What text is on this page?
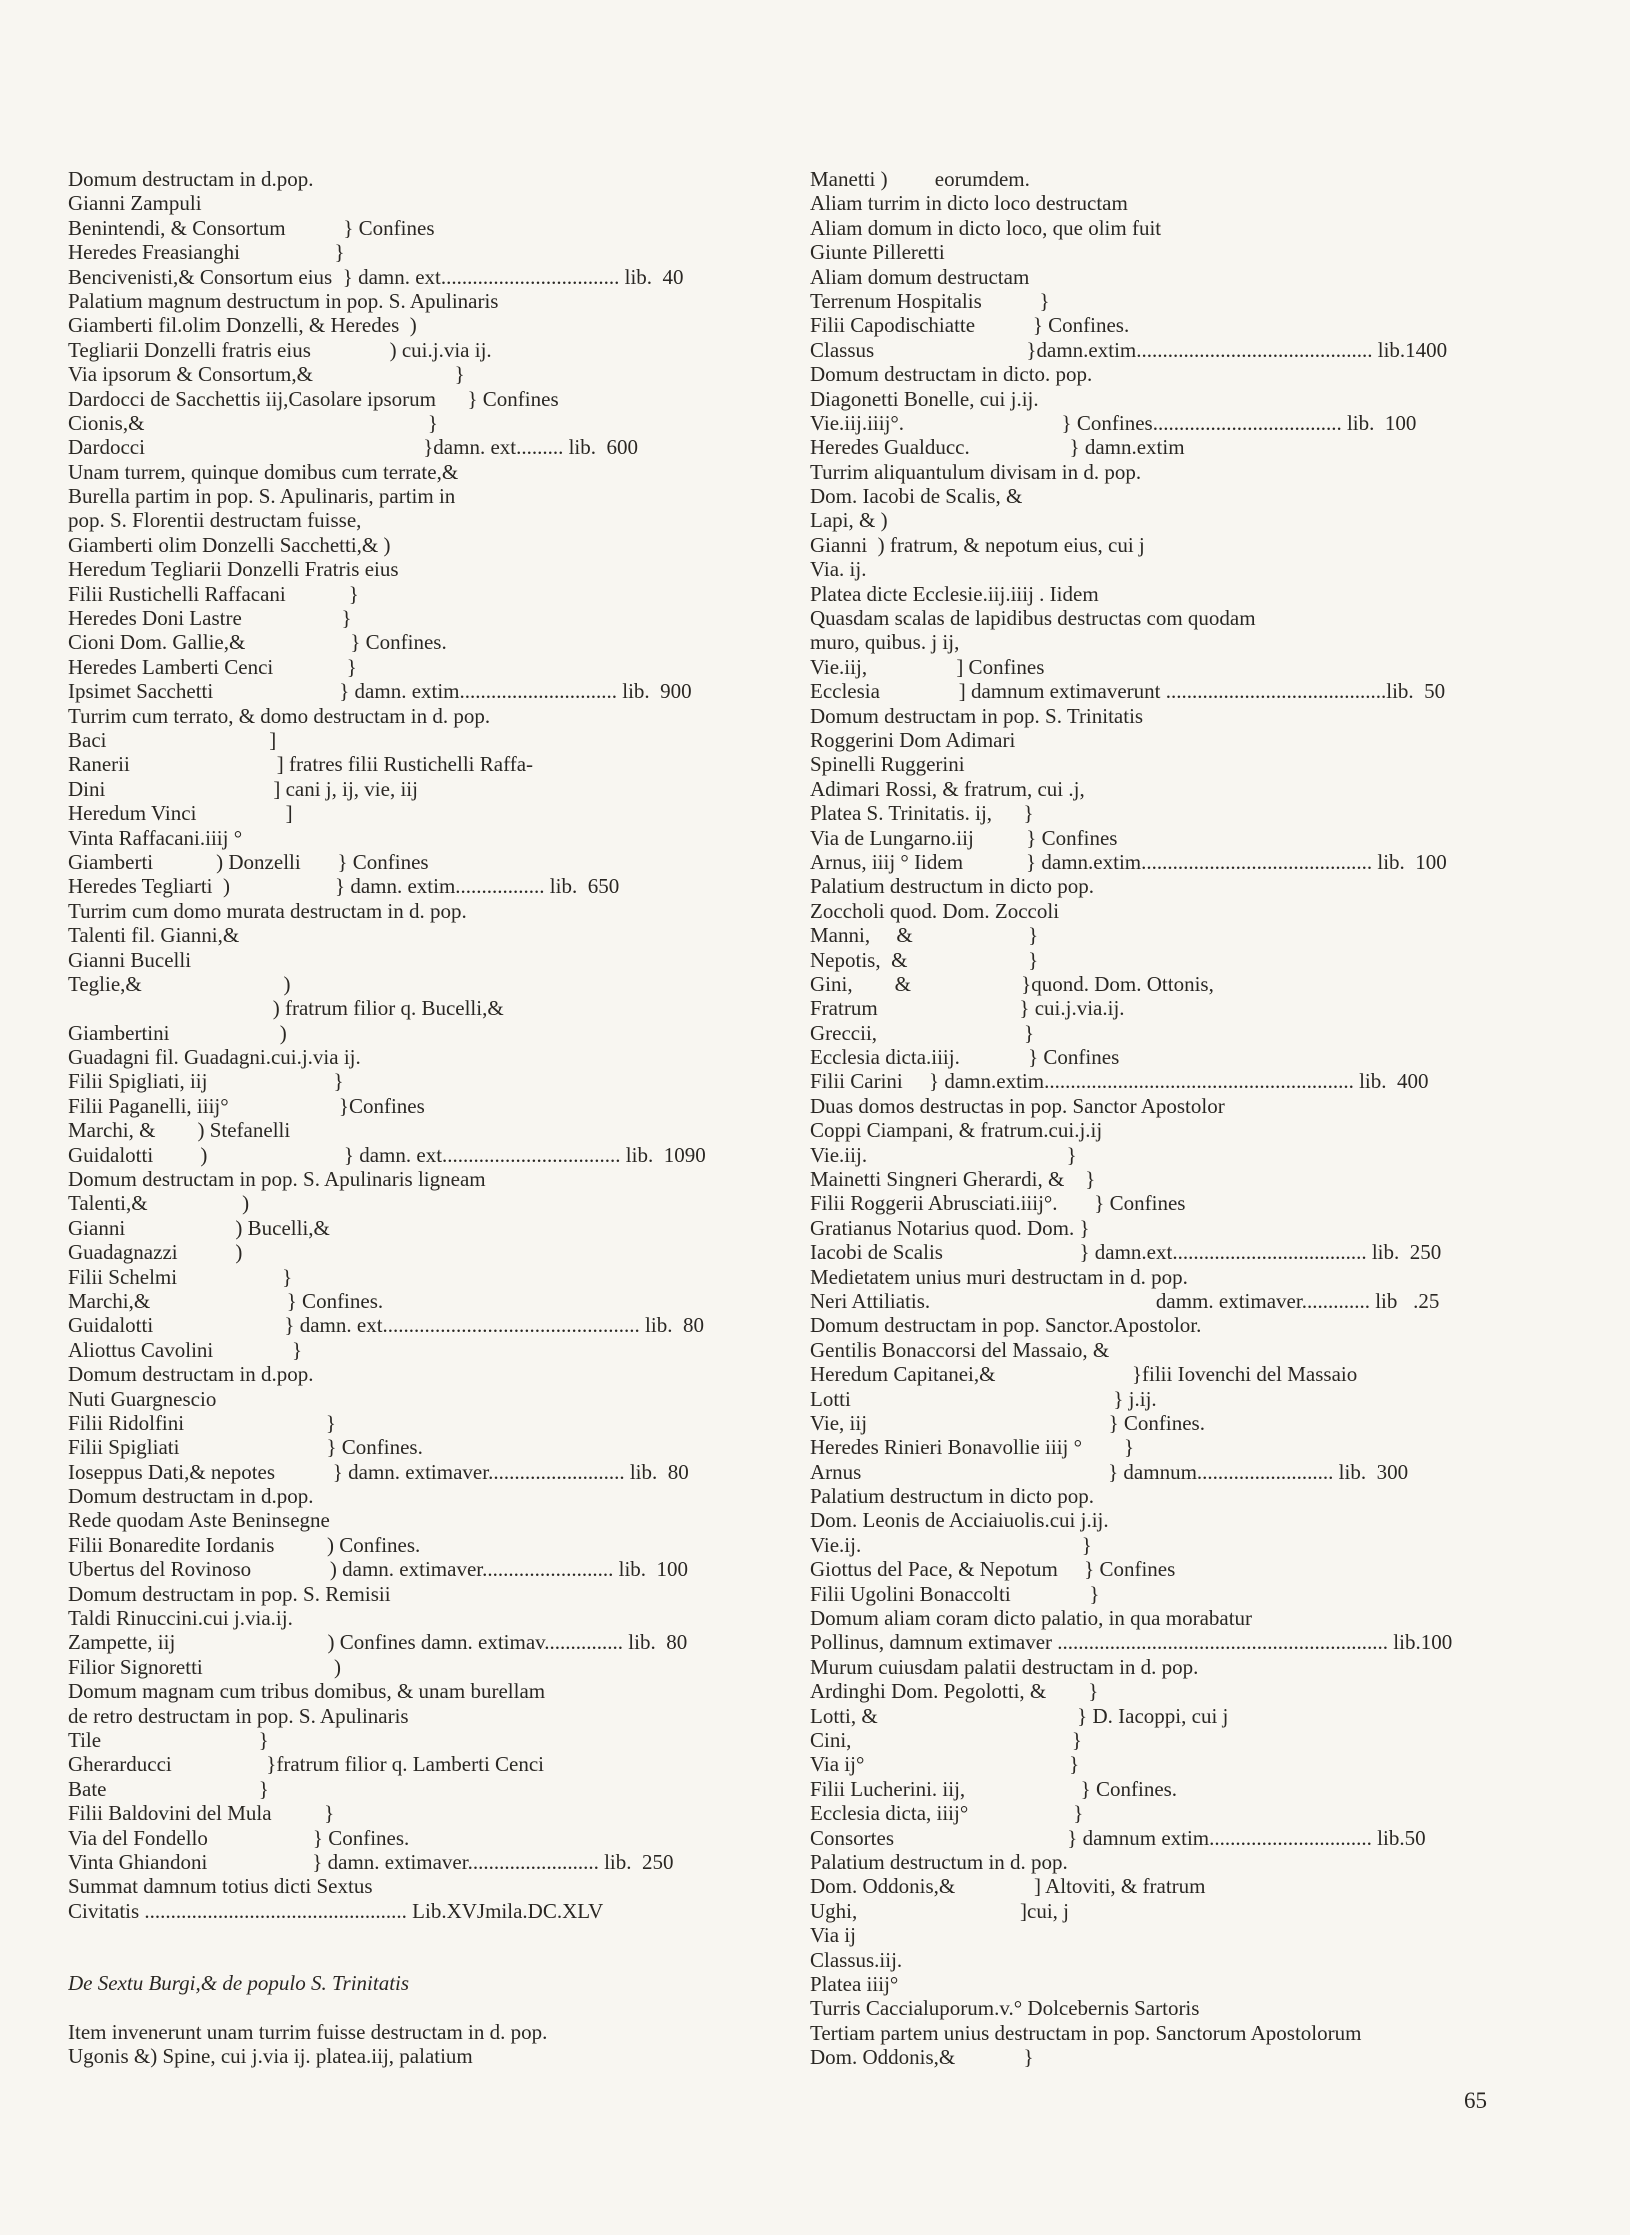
Domum destructam in d.pop.
Gianni Zampuli
Benintendi, & Consortum           } Confines
Heredes Freasianghi                  }
Bencivenisti,& Consortum eius  } damn. ext.................................. lib.  40
Palatium magnum destructum in pop. S. Apulinaris
Giamberti fil.olim Donzelli, & Heredes  )
Tegliarii Donzelli fratris eius               ) cui.j.via ij.
Via ipsorum & Consortum,&                           }
Dardocci de Sacchettis iij,Casolare ipsorum      } Confines
Cionis,&                                                      }
Dardocci                                                     }damn. ext......... lib.  600
Unam turrem, quinque domibus cum terrate,&
Burella partim in pop. S. Apulinaris, partim in
pop. S. Florentii destructam fuisse,
Giamberti olim Donzelli Sacchetti,& )
Heredum Tegliarii Donzelli Fratris eius
Filii Rustichelli Raffacani            }
Heredes Doni Lastre                   }
Cioni Dom. Gallie,&                    } Confines.
Heredes Lamberti Cenci              }
Ipsimet Sacchetti                        } damn. extim.............................. lib.  900
Turrim cum terrato, & domo destructam in d. pop.
Baci                               ]
Ranerii                            ] fratres filii Rustichelli Raffa-
Dini                                ] cani j, ij, vie, iij
Heredum Vinci                 ]
Vinta Raffacani.iiij °
Giamberti            ) Donzelli       } Confines
Heredes Tegliarti  )                    } damn. extim................. lib.  650
Turrim cum domo murata destructam in d. pop.
Talenti fil. Gianni,&
Gianni Bucelli
Teglie,&                           )
) fratrum filior q. Bucelli,&
Giambertini                     )
Guadagni fil. Guadagni.cui.j.via ij.
Filii Spigliati, iij                        }
Filii Paganelli, iiij°                     }Confines
Marchi, &        ) Stefanelli
Guidalotti         )                          } damn. ext.................................. lib.  1090
Domum destructam in pop. S. Apulinaris ligneam
Talenti,&                  )
Gianni                     ) Bucelli,&
Guadagnazzi           )
Filii Schelmi                    }
Marchi,&                          } Confines.
Guidalotti                         } damn. ext................................................. lib.  80
Aliottus Cavolini               }
Domum destructam in d.pop.
Nuti Guargnescio
Filii Ridolfini                           }
Filii Spigliati                            } Confines.
Ioseppus Dati,& nepotes           } damn. extimaver.......................... lib.  80
Domum destructam in d.pop.
Rede quodam Aste Beninsegne
Filii Bonaredite Iordanis          ) Confines.
Ubertus del Rovinoso               ) damn. extimaver......................... lib.  100
Domum destructam in pop. S. Remisii
Taldi Rinuccini.cui j.via.ij.
Zampette, iij                             ) Confines damn. extimav............... lib.  80
Filior Signoretti                         )
Domum magnam cum tribus domibus, & unam burellam
de retro destructam in pop. S. Apulinaris
Tile                              }
Gherarducci                  }fratrum filior q. Lamberti Cenci
Bate                             }
Filii Baldovini del Mula          }
Via del Fondello                    } Confines.
Vinta Ghiandoni                    } damn. extimaver......................... lib.  250
Summat damnum totius dicti Sextus
Civitatis .................................................. Lib.XVJmila.DC.XLV
De Sextu Burgi,& de populo S. Trinitatis
Item invenerunt unam turrim fuisse destructam in d. pop.
Ugonis &) Spine, cui j.via ij. platea.iij, palatium
Manetti )         eorumdem.
Aliam turrim in dicto loco destructam
Aliam domum in dicto loco, que olim fuit
Giunte Pilleretti
Aliam domum destructam
Terrenum Hospitalis           }
Filii Capodischiatte           } Confines.
Classus                             }damn.extim............................................. lib.1400
Domum destructam in dicto. pop.
Diagonetti Bonelle, cui j.ij.
Vie.iij.iiij°.                              } Confines.................................... lib.  100
Heredes Gualducc.                   } damn.extim
Turrim aliquantulum divisam in d. pop.
Dom. Iacobi de Scalis, &
Lapi, & )
Gianni  ) fratrum, & nepotum eius, cui j
Via. ij.
Platea dicte Ecclesie.iij.iiij . Iidem
Quasdam scalas de lapidibus destructas com quodam
muro, quibus. j ij,
Vie.iij,                 ] Confines
Ecclesia               ] damnum extimaverunt ..........................................lib.  50
Domum destructam in pop. S. Trinitatis
Roggerini Dom Adimari
Spinelli Ruggerini
Adimari Rossi, & fratrum, cui .j,
Platea S. Trinitatis. ij,      }
Via de Lungarno.iij          } Confines
Arnus, iiij ° Iidem            } damn.extim............................................ lib.  100
Palatium destructum in dicto pop.
Zoccholi quod. Dom. Zoccoli
Manni,     &                      }
Nepotis,  &                       }
Gini,        &                     }quond. Dom. Ottonis,
Fratrum                           } cui.j.via.ij.
Greccii,                            }
Ecclesia dicta.iiij.             } Confines
Filii Carini     } damn.extim........................................................... lib.  400
Duas domos destructas in pop. Sanctor Apostolor
Coppi Ciampani, & fratrum.cui.j.ij
Vie.iij.                                      }
Mainetti Singneri Gherardi, &    }
Filii Roggerii Abrusciati.iiij°.       } Confines
Gratianus Notarius quod. Dom. }
Iacobi de Scalis                          } damn.ext..................................... lib.  250
Medietatem unius muri destructam in d. pop.
Neri Attiliatis.                                           damm. extimaver............. lib   .25
Domum destructam in pop. Sanctor.Apostolor.
Gentilis Bonaccorsi del Massaio, &
Heredum Capitanei,&                          }filii Iovenchi del Massaio
Lotti                                                  } j.ij.
Vie, iij                                              } Confines.
Heredes Rinieri Bonavollie iiij °        }
Arnus                                               } damnum.......................... lib.  300
Palatium destructum in dicto pop.
Dom. Leonis de Acciaiuolis.cui j.ij.
Vie.ij.                                          }
Giottus del Pace, & Nepotum     } Confines
Filii Ugolini Bonaccolti               }
Domum aliam coram dicto palatio, in qua morabatur
Pollinus, damnum extimaver ............................................................... lib.100
Murum cuiusdam palatii destructam in d. pop.
Ardinghi Dom. Pegolotti, &        }
Lotti, &                                      } D. Iacoppi, cui j
Cini,                                          }
Via ij°                                       }
Filii Lucherini. iij,                      } Confines.
Ecclesia dicta, iiij°                    }
Consortes                                 } damnum extim............................... lib.50
Palatium destructum in d. pop.
Dom. Oddonis,&               ] Altoviti, & fratrum
Ughi,                               ]cui, j
Via ij
Classus.iij.
Platea iiij°
Turris Caccialuporum.v.° Dolcebernis Sartoris
Tertiam partem unius destructam in pop. Sanctorum Apostolorum
Dom. Oddonis,&             }
65
